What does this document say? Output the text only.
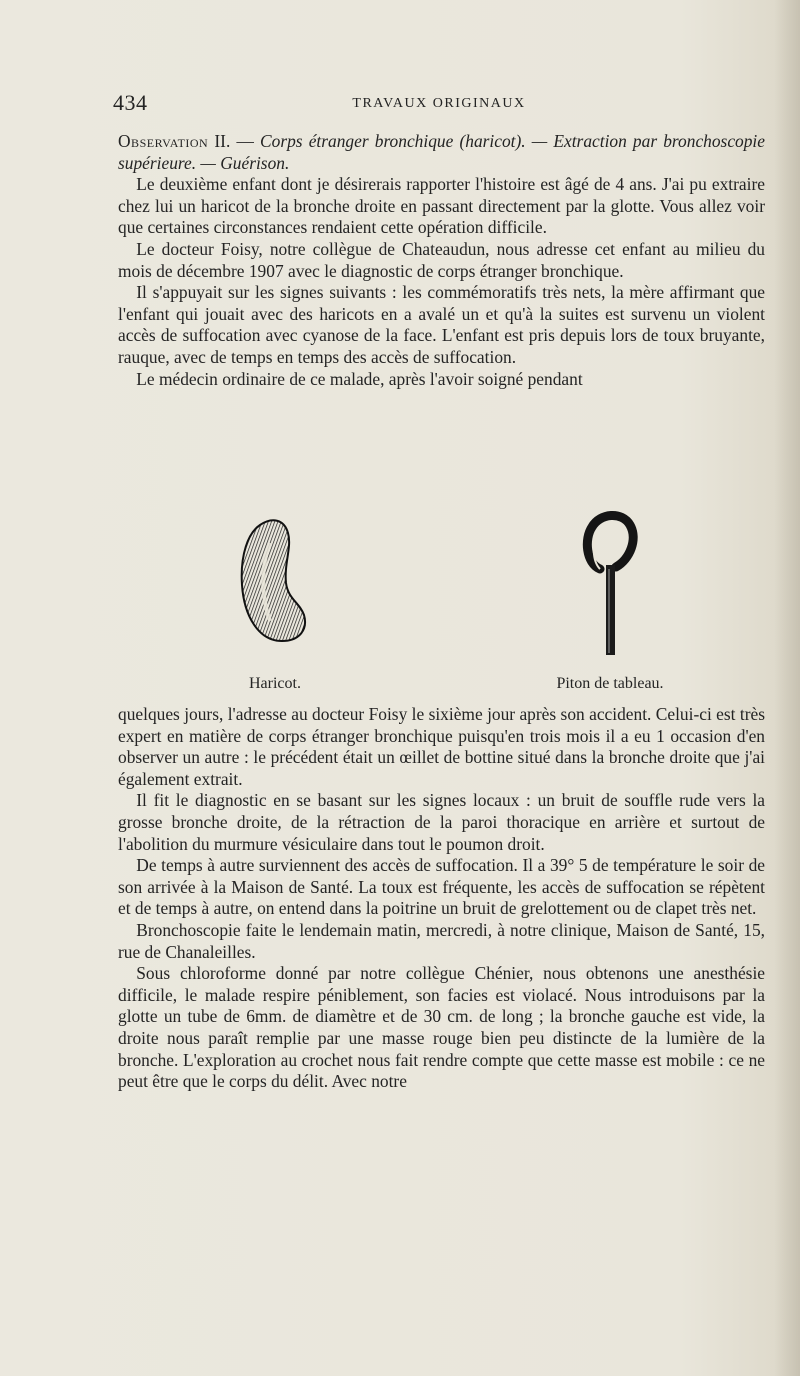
434	TRAVAUX ORIGINAUX

Observation II. — Corps étranger bronchique (haricot). — Extraction par bronchoscopie supérieure. — Guérison.

Le deuxième enfant dont je désirerais rapporter l'histoire est âgé de 4 ans. J'ai pu extraire chez lui un haricot de la bronche droite en passant directement par la glotte. Vous allez voir que certaines circonstances rendaient cette opération difficile.

Le docteur Foisy, notre collègue de Chateaudun, nous adresse cet enfant au milieu du mois de décembre 1907 avec le diagnostic de corps étranger bronchique.

Il s'appuyait sur les signes suivants : les commémoratifs très nets, la mère affirmant que l'enfant qui jouait avec des haricots en a avalé un et qu'à la suites est survenu un violent accès de suffocation avec cyanose de la face. L'enfant est pris depuis lors de toux bruyante, rauque, avec de temps en temps des accès de suffocation.

Le médecin ordinaire de ce malade, après l'avoir soigné pendant

Haricot.	Piton de tableau.

quelques jours, l'adresse au docteur Foisy le sixième jour après son accident. Celui-ci est très expert en matière de corps étranger bronchique puisqu'en trois mois il a eu 1 occasion d'en observer un autre : le précédent était un œillet de bottine situé dans la bronche droite que j'ai également extrait.

Il fit le diagnostic en se basant sur les signes locaux : un bruit de souffle rude vers la grosse bronche droite, de la rétraction de la paroi thoracique en arrière et surtout de l'abolition du murmure vésiculaire dans tout le poumon droit.

De temps à autre surviennent des accès de suffocation. Il a 39° 5 de température le soir de son arrivée à la Maison de Santé. La toux est fréquente, les accès de suffocation se répètent et de temps à autre, on entend dans la poitrine un bruit de grelottement ou de clapet très net.

Bronchoscopie faite le lendemain matin, mercredi, à notre clinique, Maison de Santé, 15, rue de Chanaleilles.

Sous chloroforme donné par notre collègue Chénier, nous obtenons une anesthésie difficile, le malade respire péniblement, son facies est violacé. Nous introduisons par la glotte un tube de 6mm. de diamètre et de 30 cm. de long ; la bronche gauche est vide, la droite nous paraît remplie par une masse rouge bien peu distincte de la lumière de la bronche. L'exploration au crochet nous fait rendre compte que cette masse est mobile : ce ne peut être que le corps du délit. Avec notre
